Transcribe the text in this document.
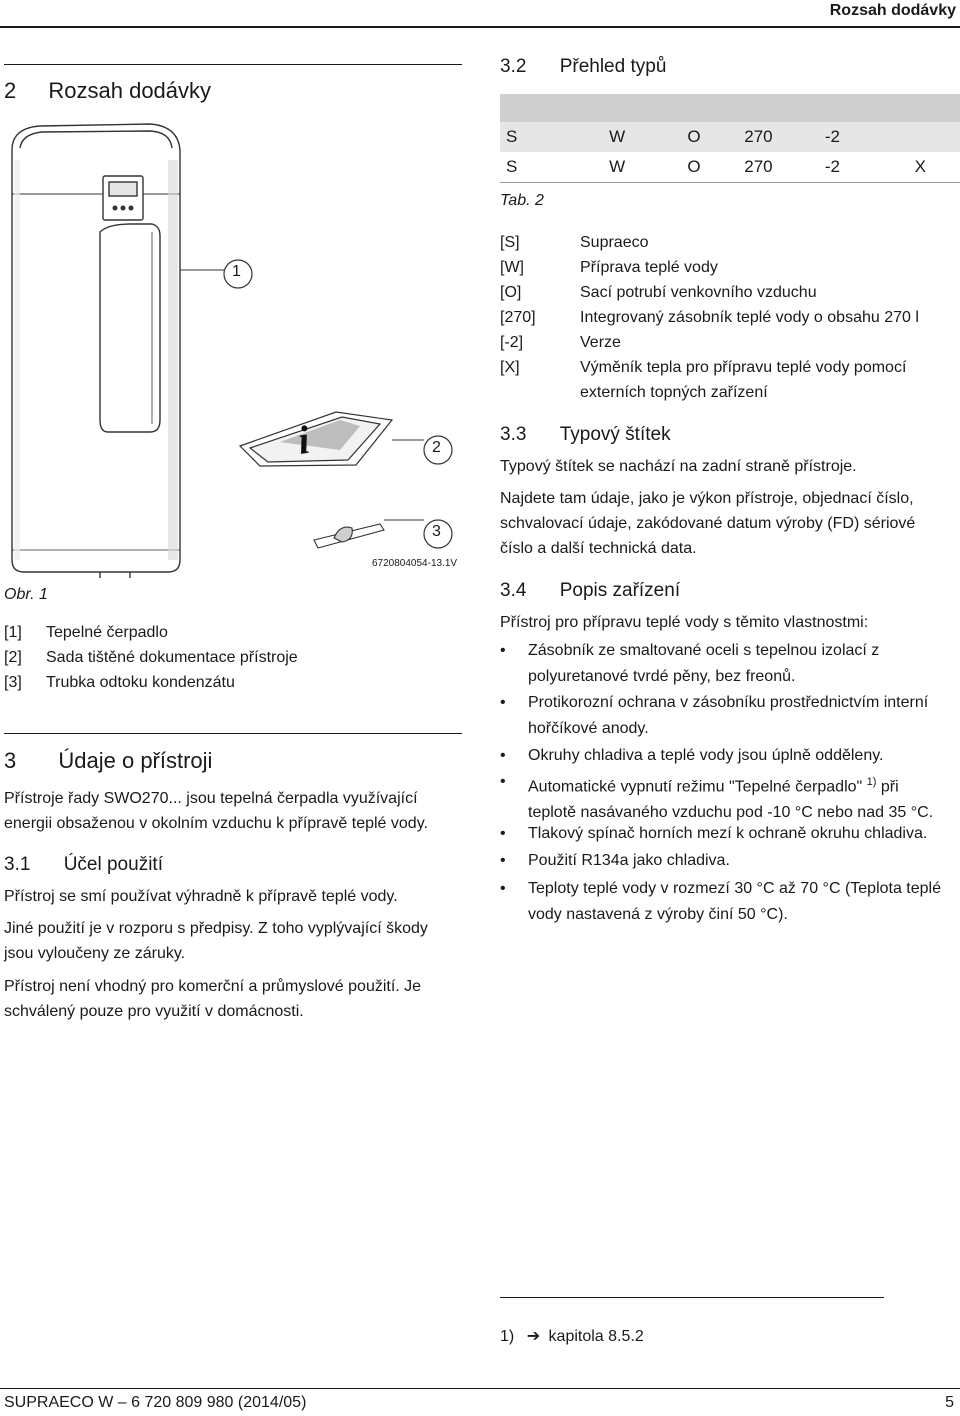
Rozsah dodávky
2 Rozsah dodávky
i
1
2
3
6720804054-13.1V
Obr. 1
[1]	Tepelné čerpadlo
[2]	Sada tištěné dokumentace přístroje
[3]	Trubka odtoku kondenzátu
3 Údaje o přístroji
Přístroje řady SWO270... jsou tepelná čerpadla využívající
energii obsaženou v okolním vzduchu k přípravě teplé vody.
3.1 Účel použití
Přístroj se smí používat výhradně k přípravě teplé vody.
Jiné použití je v rozporu s předpisy. Z toho vyplývající škody
jsou vyloučeny ze záruky.
Přístroj není vhodný pro komerční a průmyslové použití. Je
schválený pouze pro využití v domácnosti.
3.2 Přehled typů

S	W	O	270	-2	
S	W	O	270	-2	X
Tab. 2
[S]	Supraeco
[W]	Příprava teplé vody
[O]	Sací potrubí venkovního vzduchu
[270]	Integrovaný zásobník teplé vody o obsahu 270 l
[-2]	Verze
[X]	Výměník tepla pro přípravu teplé vody pomocí
externích topných zařízení
3.3 Typový štítek
Typový štítek se nachází na zadní straně přístroje.
Najdete tam údaje, jako je výkon přístroje, objednací číslo,
schvalovací údaje, zakódované datum výroby (FD) sériové
číslo a další technická data.
3.4 Popis zařízení
Přístroj pro přípravu teplé vody s těmito vlastnostmi:
• Zásobník ze smaltované oceli s tepelnou izolací z
polyuretanové tvrdé pěny, bez freonů.
• Protikorozní ochrana v zásobníku prostřednictvím interní
hořčíkové anody.
• Okruhy chladiva a teplé vody jsou úplně odděleny.
• Automatické vypnutí režimu "Tepelné čerpadlo" $^{1)}$ při
teplotě nasávaného vzduchu pod -10 °C nebo nad 35 °C.
• Tlakový spínač horních mezí k ochraně okruhu chladiva.
• Použití R134a jako chladiva.
• Teploty teplé vody v rozmezí 30 °C až 70 °C (Teplota teplé
vody nastavená z výroby činí 50 °C).
1) ➔ kapitola 8.5.2
SUPRAECO W – 6 720 809 980 (2014/05)	5
